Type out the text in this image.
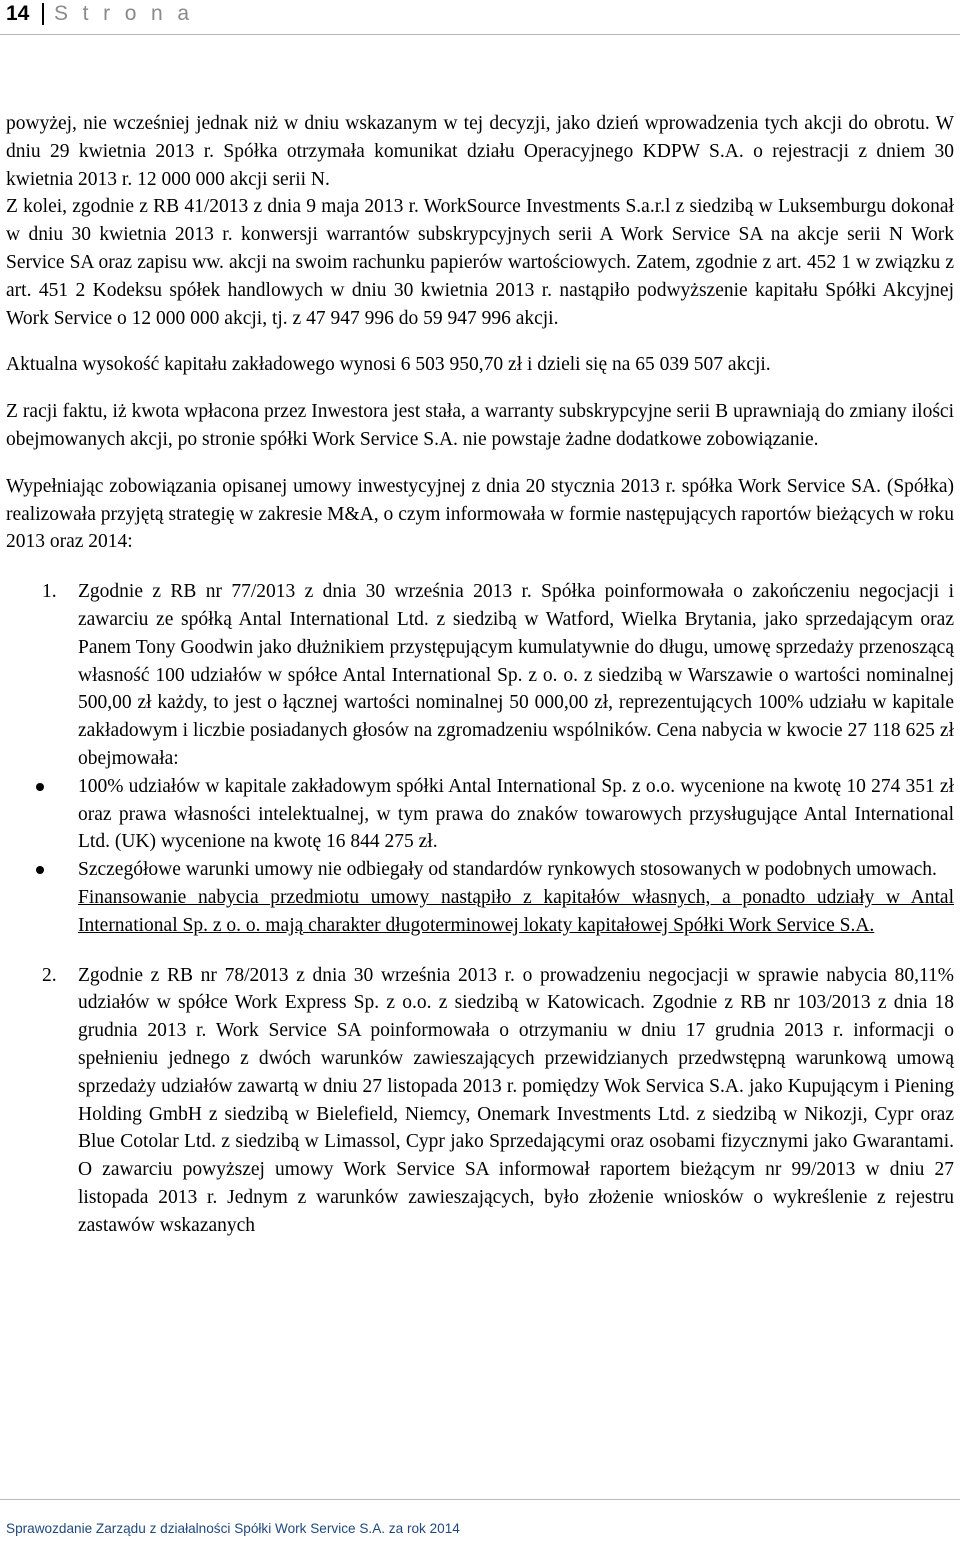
14 S t r o n a

powyżej, nie wcześniej jednak niż w dniu wskazanym w tej decyzji, jako dzień wprowadzenia tych akcji do obrotu. W dniu 29 kwietnia 2013 r. Spółka otrzymała komunikat działu Operacyjnego KDPW S.A. o rejestracji z dniem 30 kwietnia 2013 r. 12 000 000 akcji serii N.

Z kolei, zgodnie z RB 41/2013 z dnia 9 maja 2013 r. WorkSource Investments S.a.r.l z siedzibą w Luksemburgu dokonał w dniu 30 kwietnia 2013 r. konwersji warrantów subskrypcyjnych serii A Work Service SA na akcje serii N Work Service SA oraz zapisu ww. akcji na swoim rachunku papierów wartościowych. Zatem, zgodnie z art. 452 1 w związku z art. 451 2 Kodeksu spółek handlowych w dniu 30 kwietnia 2013 r. nastąpiło podwyższenie kapitału Spółki Akcyjnej Work Service o 12 000 000 akcji, tj. z 47 947 996 do 59 947 996 akcji.

Aktualna wysokość kapitału zakładowego wynosi 6 503 950,70 zł i dzieli się na 65 039 507 akcji.

Z racji faktu, iż kwota wpłacona przez Inwestora jest stała, a warranty subskrypcyjne serii B uprawniają do zmiany ilości obejmowanych akcji, po stronie spółki Work Service S.A. nie powstaje żadne dodatkowe zobowiązanie.

Wypełniając zobowiązania opisanej umowy inwestycyjnej z dnia 20 stycznia 2013 r. spółka Work Service SA. (Spółka) realizowała przyjętą strategię w zakresie M&A, o czym informowała w formie następujących raportów bieżących w roku 2013 oraz 2014:

1. Zgodnie z RB nr 77/2013 z dnia 30 września 2013 r. Spółka poinformowała o zakończeniu negocjacji i zawarciu ze spółką Antal International Ltd. z siedzibą w Watford, Wielka Brytania, jako sprzedającym oraz Panem Tony Goodwin jako dłużnikiem przystępującym kumulatywnie do długu, umowę sprzedaży przenoszącą własność 100 udziałów w spółce Antal International Sp. z o. o. z siedzibą w Warszawie o wartości nominalnej 500,00 zł każdy, to jest o łącznej wartości nominalnej 50 000,00 zł, reprezentujących 100% udziału w kapitale zakładowym i liczbie posiadanych głosów na zgromadzeniu wspólników. Cena nabycia w kwocie 27 118 625 zł obejmowała:
100% udziałów w kapitale zakładowym spółki Antal International Sp. z o.o. wycenione na kwotę 10 274 351 zł oraz prawa własności intelektualnej, w tym prawa do znaków towarowych przysługujące Antal International Ltd. (UK) wycenione na kwotę 16 844 275 zł.
Szczegółowe warunki umowy nie odbiegały od standardów rynkowych stosowanych w podobnych umowach.

Finansowanie nabycia przedmiotu umowy nastąpiło z kapitałów własnych, a ponadto udziały w Antal International Sp. z o. o. mają charakter długoterminowej lokaty kapitałowej Spółki Work Service S.A.

2. Zgodnie z RB nr 78/2013 z dnia 30 września 2013 r. o prowadzeniu negocjacji w sprawie nabycia 80,11% udziałów w spółce Work Express Sp. z o.o. z siedzibą w Katowicach. Zgodnie z RB nr 103/2013 z dnia 18 grudnia 2013 r. Work Service SA poinformowała o otrzymaniu w dniu 17 grudnia 2013 r. informacji o spełnieniu jednego z dwóch warunków zawieszających przewidzianych przedwstępną warunkową umową sprzedaży udziałów zawartą w dniu 27 listopada 2013 r. pomiędzy Wok Servica S.A. jako Kupującym i Piening Holding GmbH z siedzibą w Bielefield, Niemcy, Onemark Investments Ltd. z siedzibą w Nikozji, Cypr oraz Blue Cotolar Ltd. z siedzibą w Limassol, Cypr jako Sprzedającymi oraz osobami fizycznymi jako Gwarantami. O zawarciu powyższej umowy Work Service SA informował raportem bieżącym nr 99/2013 w dniu 27 listopada 2013 r. Jednym z warunków zawieszających, było złożenie wniosków o wykreślenie z rejestru zastawów wskazanych
Sprawozdanie Zarządu z działalności Spółki Work Service S.A. za rok 2014
